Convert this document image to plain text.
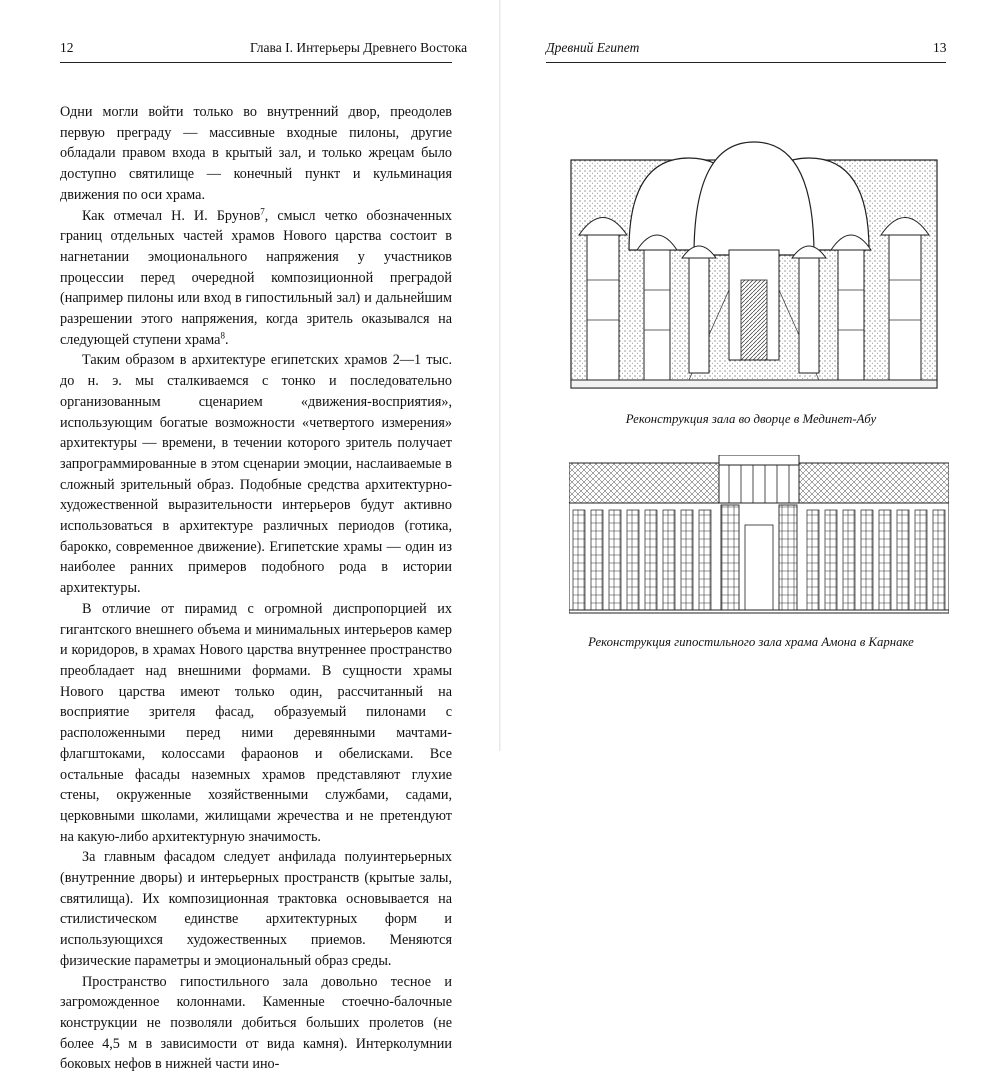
12	Глава I. Интерьеры Древнего Востока

Одни могли войти только во внутренний двор, преодолев первую преграду — массивные входные пилоны, другие обладали правом входа в крытый зал, и только жрецам было доступно святилище — конечный пункт и кульминация движения по оси храма.

Как отмечал Н. И. Брунов$^7$, смысл четко обозначенных границ отдельных частей храмов Нового царства состоит в нагнетании эмоционального напряжения у участников процессии перед очередной композиционной преградой (например пилоны или вход в гипостильный зал) и дальнейшим разрешении этого напряжения, когда зритель оказывался на следующей ступени храма$^8$.

Таким образом в архитектуре египетских храмов 2—1 тыс. до н. э. мы сталкиваемся с тонко и последовательно организованным сценарием «движения-восприятия», использующим богатые возможности «четвертого измерения» архитектуры — времени, в течении которого зритель получает запрограммированные в этом сценарии эмоции, наслаиваемые в сложный зрительный образ. Подобные средства архитектурно-художественной выразительности интерьеров будут активно использоваться в архитектуре различных периодов (готика, барокко, современное движение). Египетские храмы — один из наиболее ранних примеров подобного рода в истории архитектуры.

В отличие от пирамид с огромной диспропорцией их гигантского внешнего объема и минимальных интерьеров камер и коридоров, в храмах Нового царства внутреннее пространство преобладает над внешними формами. В сущности храмы Нового царства имеют только один, рассчитанный на восприятие зрителя фасад, образуемый пилонами с расположенными перед ними деревянными мачтами-флагштоками, колоссами фараонов и обелисками. Все остальные фасады наземных храмов представляют глухие стены, окруженные хозяйственными службами, садами, церковными школами, жилищами жречества и не претендуют на какую-либо архитектурную значимость.

За главным фасадом следует анфилада полуинтерьерных (внутренние дворы) и интерьерных пространств (крытые залы, святилища). Их композиционная трактовка основывается на стилистическом единстве архитектурных форм и использующихся художественных приемов. Меняются физические параметры и эмоциональный образ среды.

Пространство гипостильного зала довольно тесное и загроможденное колоннами. Каменные стоечно-балочные конструкции не позволяли добиться больших пролетов (не более 4,5 м в зависимости от вида камня). Интерколумнии боковых нефов в нижней части ино-

Древний Египет	13
Реконструкция зала во дворце в Мединет-Абу
Реконструкция гипостильного зала храма Амона в Карнаке
